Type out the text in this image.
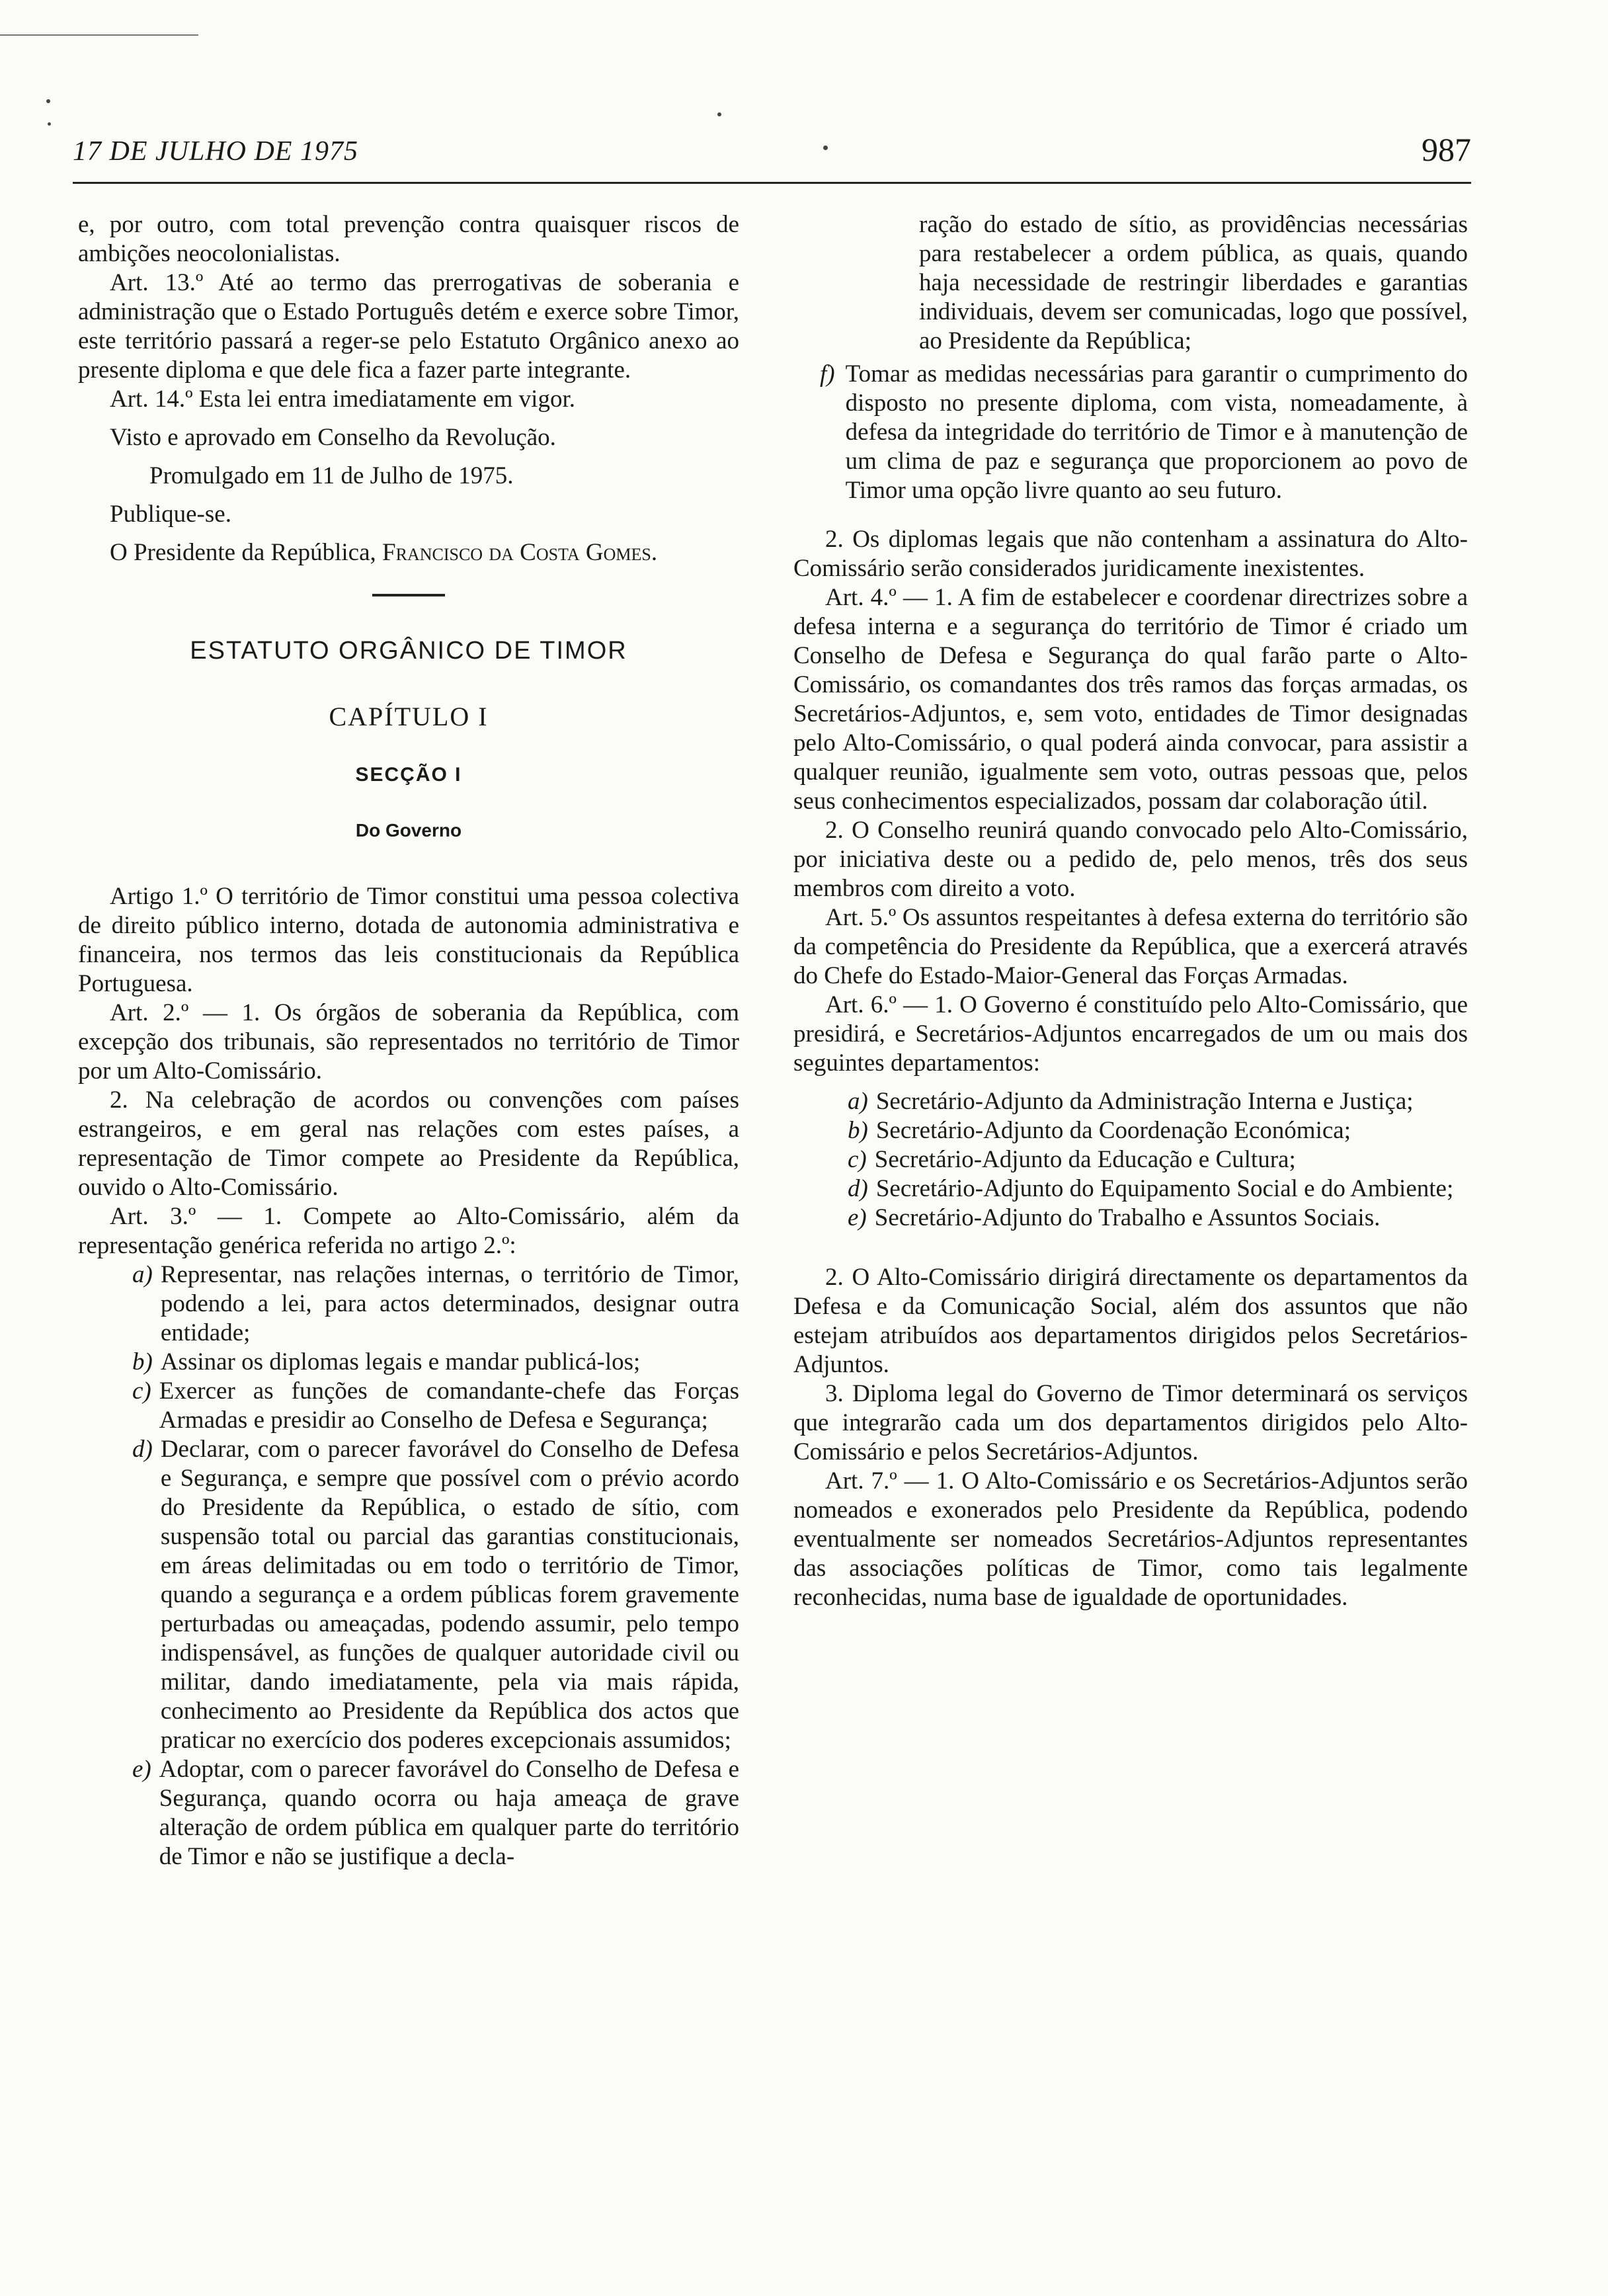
17 DE JULHO DE 1975	987

e, por outro, com total prevenção contra quaisquer riscos de ambições neocolonialistas.

Art. 13.º Até ao termo das prerrogativas de soberania e administração que o Estado Português detém e exerce sobre Timor, este território passará a reger-se pelo Estatuto Orgânico anexo ao presente diploma e que dele fica a fazer parte integrante.

Art. 14.º Esta lei entra imediatamente em vigor.

Visto e aprovado em Conselho da Revolução.

Promulgado em 11 de Julho de 1975.

Publique-se.

O Presidente da República, Francisco da Costa Gomes.

ESTATUTO ORGÂNICO DE TIMOR

CAPÍTULO I

SECÇÃO I

Do Governo

Artigo 1.º O território de Timor constitui uma pessoa colectiva de direito público interno, dotada de autonomia administrativa e financeira, nos termos das leis constitucionais da República Portuguesa.

Art. 2.º — 1. Os órgãos de soberania da República, com excepção dos tribunais, são representados no território de Timor por um Alto-Comissário.

2. Na celebração de acordos ou convenções com países estrangeiros, e em geral nas relações com estes países, a representação de Timor compete ao Presidente da República, ouvido o Alto-Comissário.

Art. 3.º — 1. Compete ao Alto-Comissário, além da representação genérica referida no artigo 2.º:

a) Representar, nas relações internas, o território de Timor, podendo a lei, para actos determinados, designar outra entidade;
b) Assinar os diplomas legais e mandar publicá-los;
c) Exercer as funções de comandante-chefe das Forças Armadas e presidir ao Conselho de Defesa e Segurança;
d) Declarar, com o parecer favorável do Conselho de Defesa e Segurança, e sempre que possível com o prévio acordo do Presidente da República, o estado de sítio, com suspensão total ou parcial das garantias constitucionais, em áreas delimitadas ou em todo o território de Timor, quando a segurança e a ordem públicas forem gravemente perturbadas ou ameaçadas, podendo assumir, pelo tempo indispensável, as funções de qualquer autoridade civil ou militar, dando imediatamente, pela via mais rápida, conhecimento ao Presidente da República dos actos que praticar no exercício dos poderes excepcionais assumidos;
e) Adoptar, com o parecer favorável do Conselho de Defesa e Segurança, quando ocorra ou haja ameaça de grave alteração de ordem pública em qualquer parte do território de Timor e não se justifique a decla-

ração do estado de sítio, as providências necessárias para restabelecer a ordem pública, as quais, quando haja necessidade de restringir liberdades e garantias individuais, devem ser comunicadas, logo que possível, ao Presidente da República;

f) Tomar as medidas necessárias para garantir o cumprimento do disposto no presente diploma, com vista, nomeadamente, à defesa da integridade do território de Timor e à manutenção de um clima de paz e segurança que proporcionem ao povo de Timor uma opção livre quanto ao seu futuro.

2. Os diplomas legais que não contenham a assinatura do Alto-Comissário serão considerados juridicamente inexistentes.

Art. 4.º — 1. A fim de estabelecer e coordenar directrizes sobre a defesa interna e a segurança do território de Timor é criado um Conselho de Defesa e Segurança do qual farão parte o Alto-Comissário, os comandantes dos três ramos das forças armadas, os Secretários-Adjuntos, e, sem voto, entidades de Timor designadas pelo Alto-Comissário, o qual poderá ainda convocar, para assistir a qualquer reunião, igualmente sem voto, outras pessoas que, pelos seus conhecimentos especializados, possam dar colaboração útil.

2. O Conselho reunirá quando convocado pelo Alto-Comissário, por iniciativa deste ou a pedido de, pelo menos, três dos seus membros com direito a voto.

Art. 5.º Os assuntos respeitantes à defesa externa do território são da competência do Presidente da República, que a exercerá através do Chefe do Estado-Maior-General das Forças Armadas.

Art. 6.º — 1. O Governo é constituído pelo Alto-Comissário, que presidirá, e Secretários-Adjuntos encarregados de um ou mais dos seguintes departamentos:

a) Secretário-Adjunto da Administração Interna e Justiça;
b) Secretário-Adjunto da Coordenação Económica;
c) Secretário-Adjunto da Educação e Cultura;
d) Secretário-Adjunto do Equipamento Social e do Ambiente;
e) Secretário-Adjunto do Trabalho e Assuntos Sociais.

2. O Alto-Comissário dirigirá directamente os departamentos da Defesa e da Comunicação Social, além dos assuntos que não estejam atribuídos aos departamentos dirigidos pelos Secretários-Adjuntos.

3. Diploma legal do Governo de Timor determinará os serviços que integrarão cada um dos departamentos dirigidos pelo Alto-Comissário e pelos Secretários-Adjuntos.

Art. 7.º — 1. O Alto-Comissário e os Secretários-Adjuntos serão nomeados e exonerados pelo Presidente da República, podendo eventualmente ser nomeados Secretários-Adjuntos representantes das associações políticas de Timor, como tais legalmente reconhecidas, numa base de igualdade de oportunidades.
